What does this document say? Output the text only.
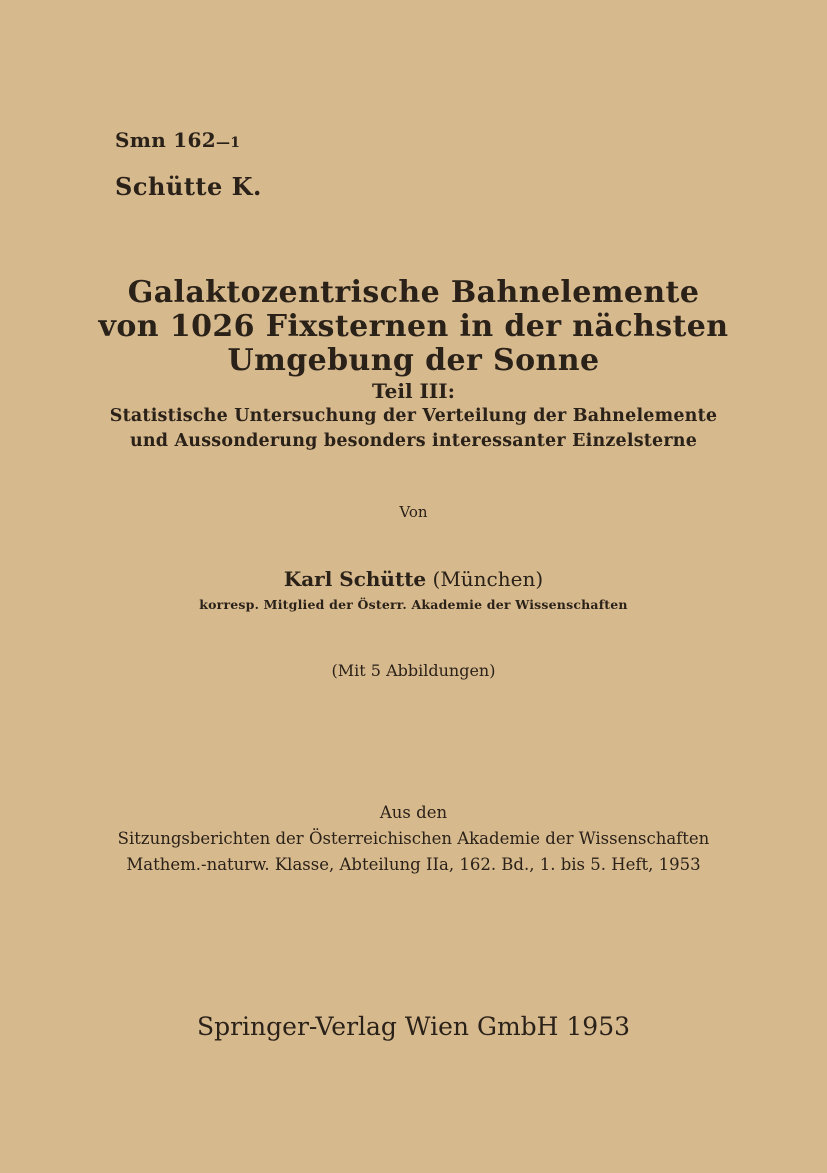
Smn 162—1
Schütte K.
Galaktozentrische Bahnelemente
von 1026 Fixsternen in der nächsten
Umgebung der Sonne
Teil III:
Statistische Untersuchung der Verteilung der Bahnelemente
und Aussonderung besonders interessanter Einzelsterne
Von
Karl Schütte (München)
korresp. Mitglied der Österr. Akademie der Wissenschaften
(Mit 5 Abbildungen)
Aus den
Sitzungsberichten der Österreichischen Akademie der Wissenschaften
Mathem.-naturw. Klasse, Abteilung IIa, 162. Bd., 1. bis 5. Heft, 1953
Springer-Verlag Wien GmbH 1953
